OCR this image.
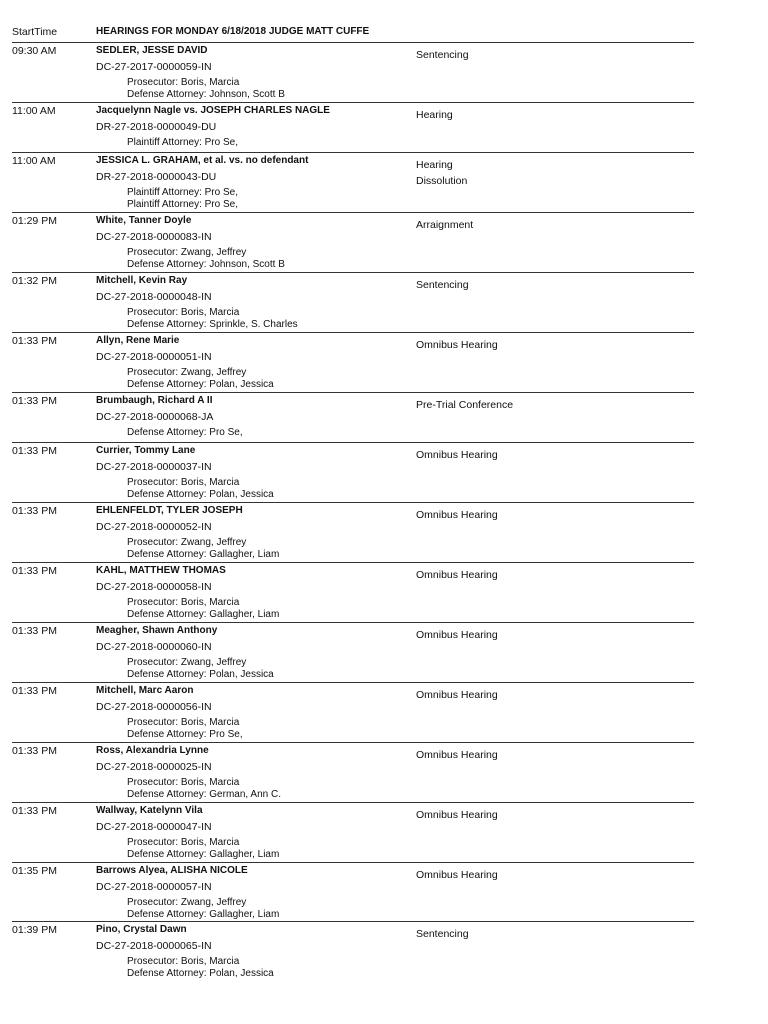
StartTime	HEARINGS FOR MONDAY 6/18/2018 JUDGE MATT CUFFE
09:30 AM	SEDLER, JESSE DAVID
DC-27-2017-0000059-IN
Prosecutor: Boris, Marcia
Defense Attorney: Johnson, Scott B
Sentencing
11:00 AM	Jacquelynn Nagle vs. JOSEPH CHARLES NAGLE
DR-27-2018-0000049-DU
Plaintiff Attorney: Pro Se,
Hearing
11:00 AM	JESSICA L. GRAHAM, et al. vs. no defendant
DR-27-2018-0000043-DU
Plaintiff Attorney: Pro Se,
Plaintiff Attorney: Pro Se,
Hearing
Dissolution
01:29 PM	White, Tanner Doyle
DC-27-2018-0000083-IN
Prosecutor: Zwang, Jeffrey
Defense Attorney: Johnson, Scott B
Arraignment
01:32 PM	Mitchell, Kevin Ray
DC-27-2018-0000048-IN
Prosecutor: Boris, Marcia
Defense Attorney: Sprinkle, S. Charles
Sentencing
01:33 PM	Allyn, Rene Marie
DC-27-2018-0000051-IN
Prosecutor: Zwang, Jeffrey
Defense Attorney: Polan, Jessica
Omnibus Hearing
01:33 PM	Brumbaugh, Richard A II
DC-27-2018-0000068-JA
Defense Attorney: Pro Se,
Pre-Trial Conference
01:33 PM	Currier, Tommy Lane
DC-27-2018-0000037-IN
Prosecutor: Boris, Marcia
Defense Attorney: Polan, Jessica
Omnibus Hearing
01:33 PM	EHLENFELDT, TYLER JOSEPH
DC-27-2018-0000052-IN
Prosecutor: Zwang, Jeffrey
Defense Attorney: Gallagher, Liam
Omnibus Hearing
01:33 PM	KAHL, MATTHEW THOMAS
DC-27-2018-0000058-IN
Prosecutor: Boris, Marcia
Defense Attorney: Gallagher, Liam
Omnibus Hearing
01:33 PM	Meagher, Shawn Anthony
DC-27-2018-0000060-IN
Prosecutor: Zwang, Jeffrey
Defense Attorney: Polan, Jessica
Omnibus Hearing
01:33 PM	Mitchell, Marc Aaron
DC-27-2018-0000056-IN
Prosecutor: Boris, Marcia
Defense Attorney: Pro Se,
Omnibus Hearing
01:33 PM	Ross, Alexandria Lynne
DC-27-2018-0000025-IN
Prosecutor: Boris, Marcia
Defense Attorney: German, Ann C.
Omnibus Hearing
01:33 PM	Wallway, Katelynn Vila
DC-27-2018-0000047-IN
Prosecutor: Boris, Marcia
Defense Attorney: Gallagher, Liam
Omnibus Hearing
01:35 PM	Barrows Alyea, ALISHA NICOLE
DC-27-2018-0000057-IN
Prosecutor: Zwang, Jeffrey
Defense Attorney: Gallagher, Liam
Omnibus Hearing
01:39 PM	Pino, Crystal Dawn
DC-27-2018-0000065-IN
Prosecutor: Boris, Marcia
Defense Attorney: Polan, Jessica
Sentencing
